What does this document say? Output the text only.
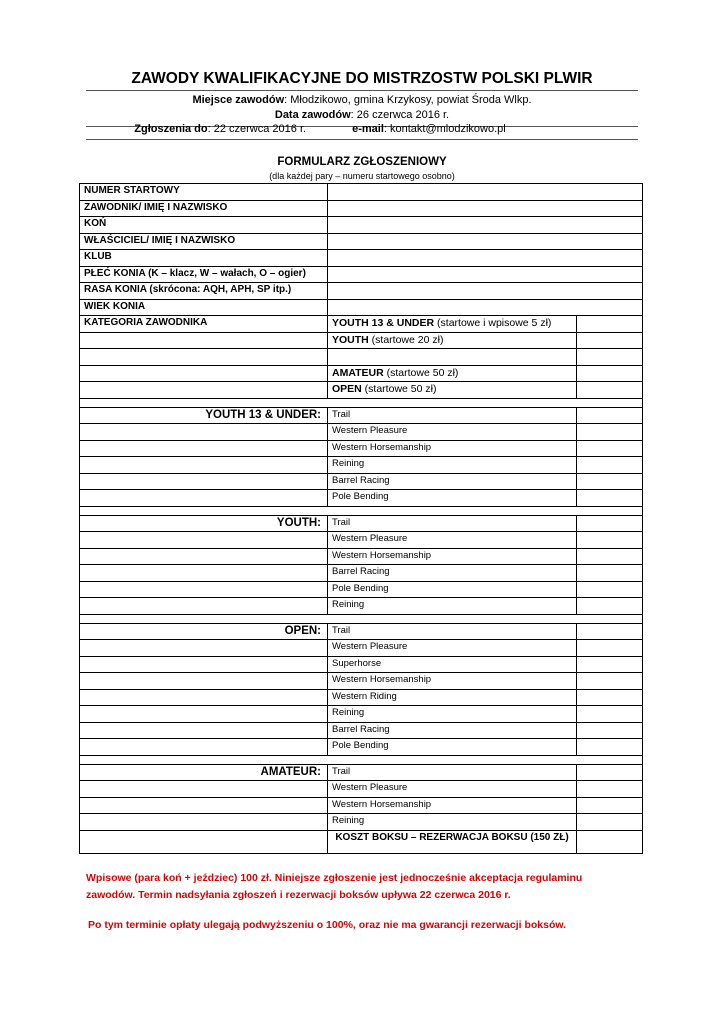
ZAWODY KWALIFIKACYJNE DO MISTRZOSTW POLSKI PLWIR
Miejsce zawodów: Młodzikowo, gmina Krzykosy, powiat Środa Wlkp.
Data zawodów: 26 czerwca 2016 r.
Zgłoszenia do: 22 czerwca 2016 r.	e-mail: kontakt@mlodzikowo.pl
FORMULARZ ZGŁOSZENIOWY
(dla każdej pary – numeru startowego osobno)
NUMER STARTOWY		
ZAWODNIK/ IMIĘ I NAZWISKO		
KOŃ		
WŁAŚCICIEL/ IMIĘ I NAZWISKO		
KLUB		
PŁEĆ KONIA (K – klacz, W – wałach, O – ogier)		
RASA KONIA (skrócona: AQH, APH, SP itp.)		
WIEK KONIA		
KATEGORIA ZAWODNIKA	YOUTH 13 & UNDER (startowe i wpisowe 5 zł)	
	YOUTH (startowe 20 zł)	

	AMATEUR (startowe 50 zł)	
	OPEN (startowe 50 zł)	

YOUTH 13 & UNDER:	Trail	
	Western Pleasure	
	Western Horsemanship	
	Reining	
	Barrel Racing	
	Pole Bending	

YOUTH:	Trail	
	Western Pleasure	
	Western Horsemanship	
	Barrel Racing	
	Pole Bending	
	Reining	

OPEN:	Trail	
	Western Pleasure	
	Superhorse	
	Western Horsemanship	
	Western Riding	
	Reining	
	Barrel Racing	
	Pole Bending	

AMATEUR:	Trail	
	Western Pleasure	
	Western Horsemanship	
	Reining	
	KOSZT BOKSU – REZERWACJA BOKSU (150 ZŁ)	
Wpisowe (para koń + jeździec) 100 zł. Niniejsze zgłoszenie jest jednocześnie akceptacja regulaminu
zawodów. Termin nadsyłania zgłoszeń i rezerwacji boksów upływa 22 czerwca 2016 r.
Po tym terminie opłaty ulegają podwyższeniu o 100%, oraz nie ma gwarancji rezerwacji boksów.
